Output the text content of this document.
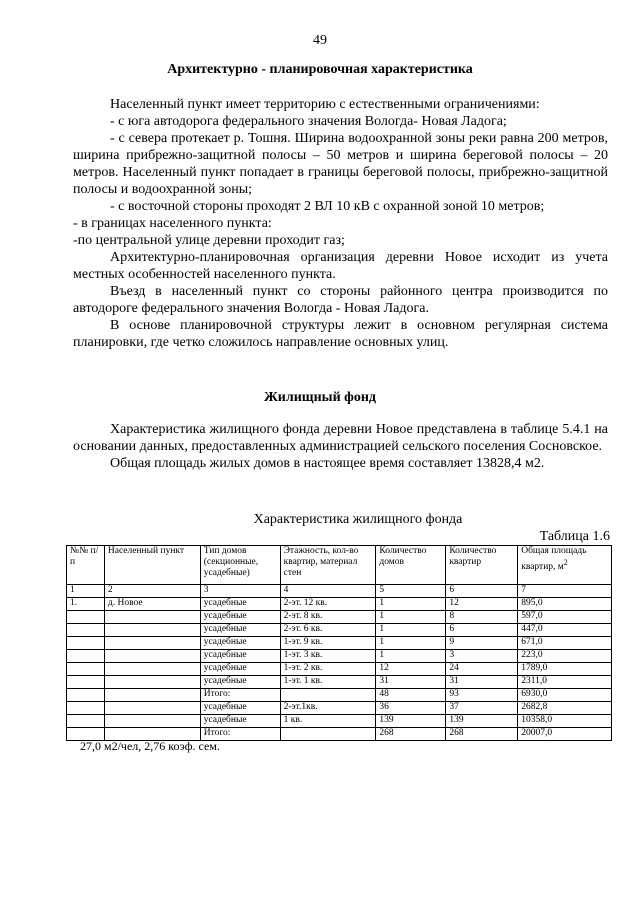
49
Архитектурно - планировочная характеристика

Населенный пункт имеет территорию с естественными ограничениями:

- с юга автодорога федерального значения Вологда- Новая Ладога;

- с севера протекает р. Тошня. Ширина водоохранной зоны реки равна 200 метров, ширина прибрежно-защитной полосы – 50 метров и ширина береговой полосы – 20 метров. Населенный пункт попадает в границы береговой полосы, прибрежно-защитной полосы и водоохранной зоны;

- с восточной стороны проходят 2 ВЛ 10 кВ с охранной зоной 10 метров;

- в границах населенного пункта:

-по центральной улице деревни проходит газ;

Архитектурно-планировочная организация деревни Новое исходит из учета местных особенностей населенного пункта.

Въезд в населенный пункт со стороны районного центра производится по автодороге федерального значения Вологда - Новая Ладога.

В основе планировочной структуры лежит в основном регулярная система планировки, где четко сложилось направление основных улиц.

Жилищный фонд

Характеристика жилищного фонда деревни Новое представлена в таблице 5.4.1 на основании данных, предоставленных администрацией сельского поселения Сосновское.

Общая площадь жилых домов в настоящее время составляет 13828,4 м2.

Характеристика жилищного фонда
Таблица 1.6
№№ п/п	Населенный пункт	Тип домов (секционные, усадебные)	Этажность, кол-во квартир, материал стен	Количество домов	Количество квартир	Общая площадь квартир, $м^2$
1	2	3	4	5	6	7
1.	д. Новое	усадебные	2-эт. 12 кв.	1	12	895,0
		усадебные	2-эт. 8 кв.	1	8	597,0
		усадебные	2-эт. 6 кв.	1	6	447,0
		усадебные	1-эт. 9 кв.	1	9	671,0
		усадебные	1-эт. 3 кв.	1	3	223,0
		усадебные	1-эт. 2 кв.	12	24	1789,0
		усадебные	1-эт. 1 кв.	31	31	2311,0
		Итого:		48	93	6930,0
		усадебные	2-эт.1кв.	36	37	2682,8
		усадебные	1 кв.	139	139	10358,0
		Итого:		268	268	20007,0
27,0 м2/чел, 2,76 коэф. сем.
